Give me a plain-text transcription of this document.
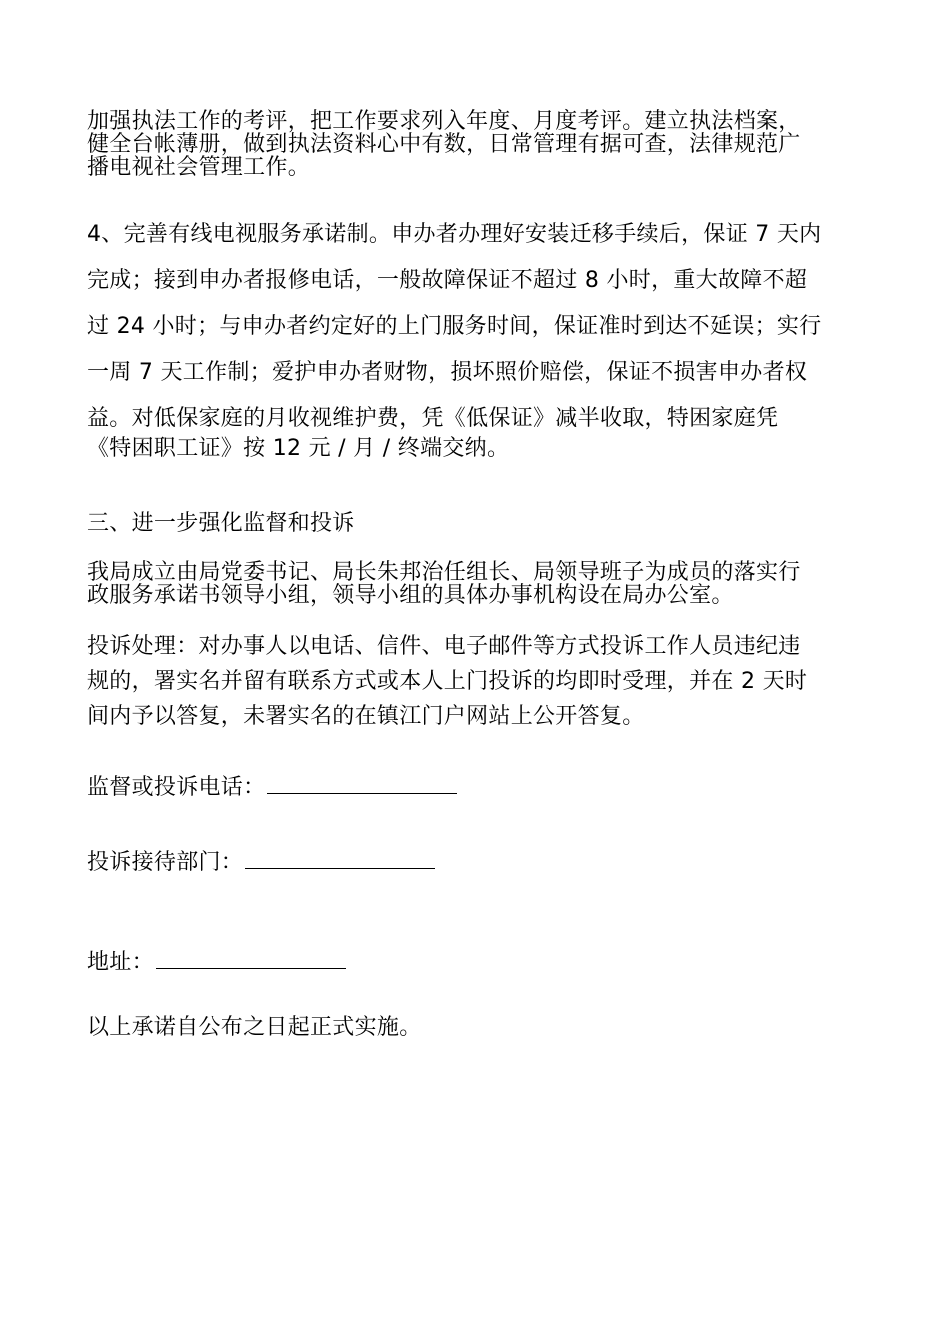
加强执法工作的考评，把工作要求列入年度、月度考评。建立执法档案，
健全台帐薄册，做到执法资料心中有数，日常管理有据可查，法律规范广
播电视社会管理工作。

4、完善有线电视服务承诺制。申办者办理好安装迁移手续后，保证 7 天内
完成；接到申办者报修电话，一般故障保证不超过 8 小时，重大故障不超
过 24 小时；与申办者约定好的上门服务时间，保证准时到达不延误；实行
一周 7 天工作制；爱护申办者财物，损坏照价赔偿，保证不损害申办者权
益。对低保家庭的月收视维护费，凭《低保证》减半收取，特困家庭凭
《特困职工证》按 12 元 / 月 / 终端交纳。

三、进一步强化监督和投诉

我局成立由局党委书记、局长朱邦治任组长、局领导班子为成员的落实行
政服务承诺书领导小组，领导小组的具体办事机构设在局办公室。

投诉处理：对办事人以电话、信件、电子邮件等方式投诉工作人员违纪违
规的，署实名并留有联系方式或本人上门投诉的均即时受理，并在 2 天时
间内予以答复，未署实名的在镇江门户网站上公开答复。

监督或投诉电话：

投诉接待部门：

地址：

以上承诺自公布之日起正式实施。
